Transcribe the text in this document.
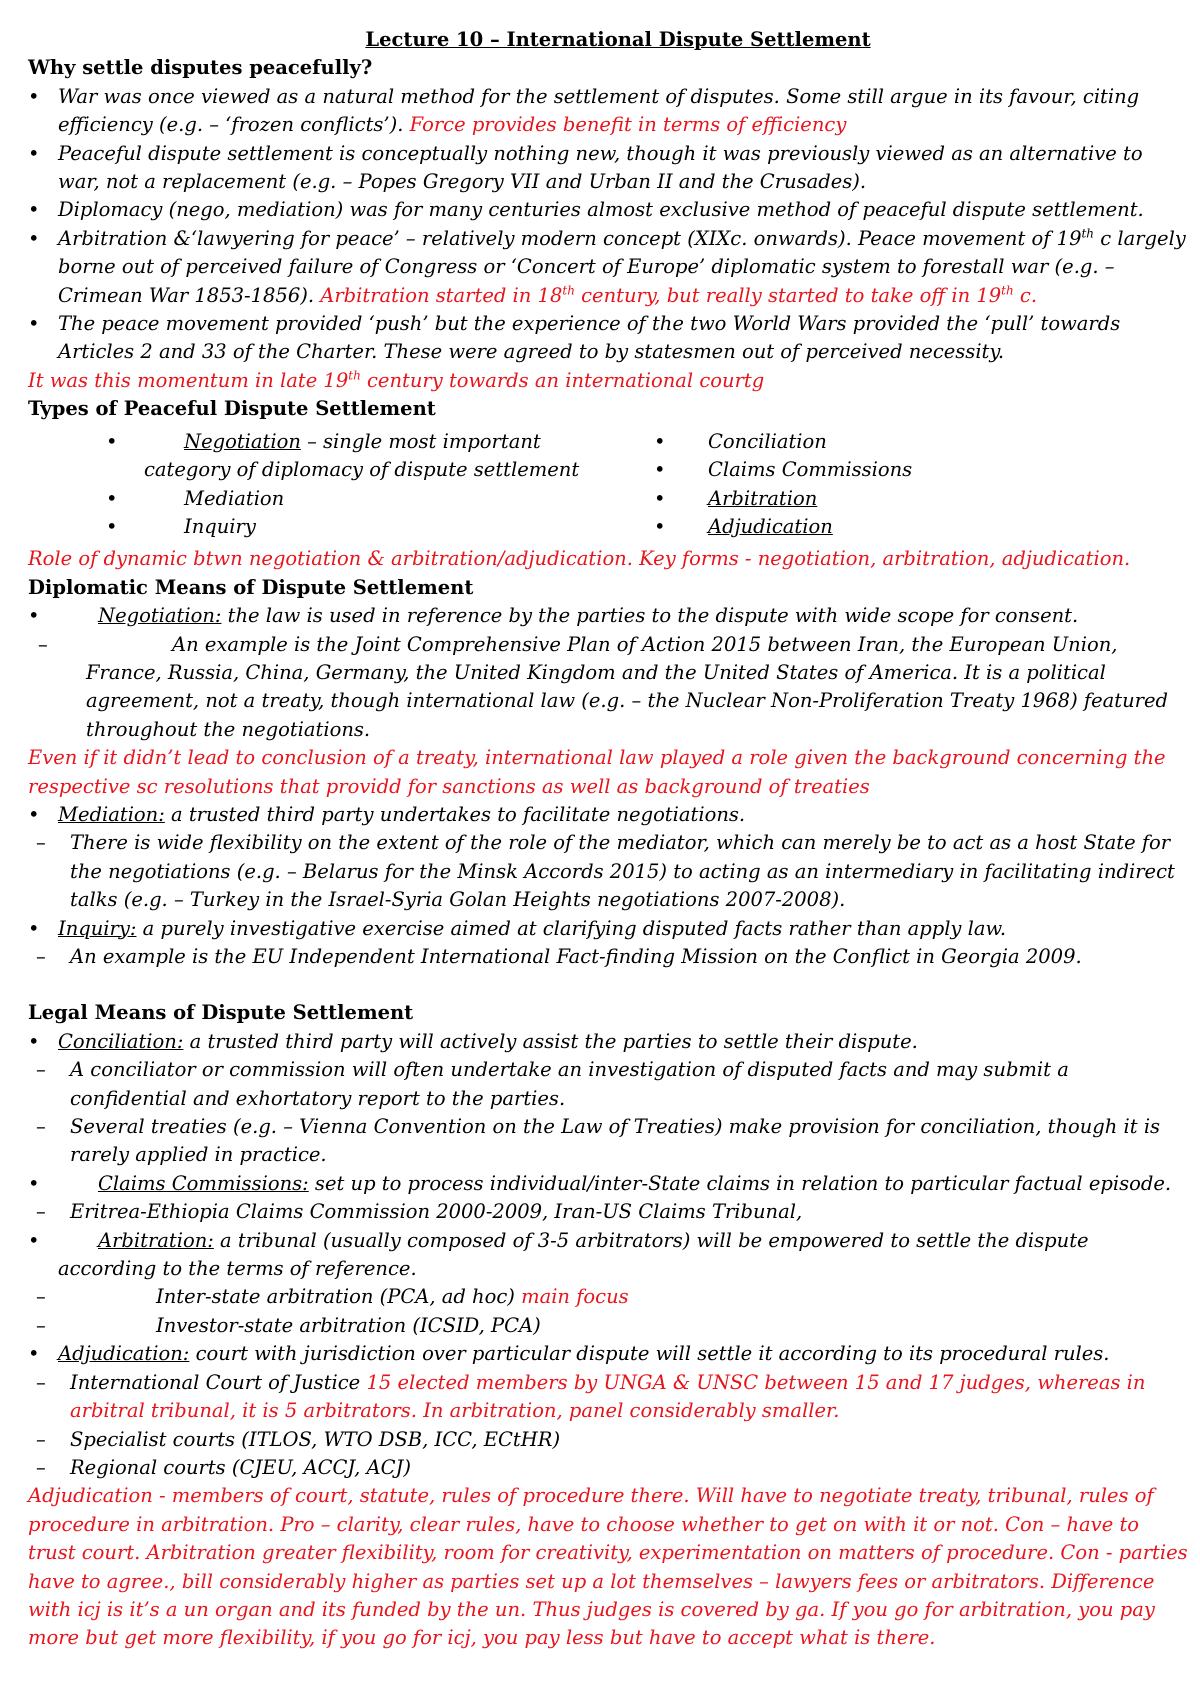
Lecture 10 – International Dispute Settlement
Why settle disputes peacefully?
• War was once viewed as a natural method for the settlement of disputes. Some still argue in its favour, citing efficiency (e.g. – ‘frozen conflicts’). Force provides benefit in terms of efficiency
• Peaceful dispute settlement is conceptually nothing new, though it was previously viewed as an alternative to war, not a replacement (e.g. – Popes Gregory VII and Urban II and the Crusades).
• Diplomacy (nego, mediation) was for many centuries almost exclusive method of peaceful dispute settlement.
• Arbitration &‘lawyering for peace’ – relatively modern concept (XIXc. onwards). Peace movement of 19th c largely borne out of perceived failure of Congress or ‘Concert of Europe’ diplomatic system to forestall war (e.g. – Crimean War 1853-1856). Arbitration started in 18th century, but really started to take off in 19th c.
• The peace movement provided ‘push’ but the experience of the two World Wars provided the ‘pull’ towards Articles 2 and 33 of the Charter. These were agreed to by statesmen out of perceived necessity.
It was this momentum in late 19th century towards an international courtg
Types of Peaceful Dispute Settlement
• Negotiation – single most important category of diplomacy of dispute settlement
• Mediation
• Inquiry
• Conciliation
• Claims Commissions
• Arbitration
• Adjudication
Role of dynamic btwn negotiation & arbitration/adjudication. Key forms - negotiation, arbitration, adjudication.
Diplomatic Means of Dispute Settlement
• Negotiation: the law is used in reference by the parties to the dispute with wide scope for consent.
– An example is the Joint Comprehensive Plan of Action 2015 between Iran, the European Union, France, Russia, China, Germany, the United Kingdom and the United States of America. It is a political agreement, not a treaty, though international law (e.g. – the Nuclear Non-Proliferation Treaty 1968) featured throughout the negotiations.
Even if it didn’t lead to conclusion of a treaty, international law played a role given the background concerning the respective sc resolutions that providd for sanctions as well as background of treaties
• Mediation: a trusted third party undertakes to facilitate negotiations.
– There is wide flexibility on the extent of the role of the mediator, which can merely be to act as a host State for the negotiations (e.g. – Belarus for the Minsk Accords 2015) to acting as an intermediary in facilitating indirect talks (e.g. – Turkey in the Israel-Syria Golan Heights negotiations 2007-2008).
• Inquiry: a purely investigative exercise aimed at clarifying disputed facts rather than apply law.
– An example is the EU Independent International Fact-finding Mission on the Conflict in Georgia 2009.
Legal Means of Dispute Settlement
• Conciliation: a trusted third party will actively assist the parties to settle their dispute.
– A conciliator or commission will often undertake an investigation of disputed facts and may submit a confidential and exhortatory report to the parties.
– Several treaties (e.g. – Vienna Convention on the Law of Treaties) make provision for conciliation, though it is rarely applied in practice.
• Claims Commissions: set up to process individual/inter-State claims in relation to particular factual episode.
– Eritrea-Ethiopia Claims Commission 2000-2009, Iran-US Claims Tribunal,
• Arbitration: a tribunal (usually composed of 3-5 arbitrators) will be empowered to settle the dispute according to the terms of reference.
– Inter-state arbitration (PCA, ad hoc) main focus
– Investor-state arbitration (ICSID, PCA)
• Adjudication: court with jurisdiction over particular dispute will settle it according to its procedural rules.
– International Court of Justice 15 elected members by UNGA & UNSC between 15 and 17 judges, whereas in arbitral tribunal, it is 5 arbitrators. In arbitration, panel considerably smaller.
– Specialist courts (ITLOS, WTO DSB, ICC, ECtHR)
– Regional courts (CJEU, ACCJ, ACJ)
Adjudication - members of court, statute, rules of procedure there. Will have to negotiate treaty, tribunal, rules of procedure in arbitration. Pro – clarity, clear rules, have to choose whether to get on with it or not. Con – have to trust court. Arbitration greater flexibility, room for creativity, experimentation on matters of procedure. Con - parties have to agree., bill considerably higher as parties set up a lot themselves – lawyers fees or arbitrators. Difference with icj is it’s a un organ and its funded by the un. Thus judges is covered by ga. If you go for arbitration, you pay more but get more flexibility, if you go for icj, you pay less but have to accept what is there.
